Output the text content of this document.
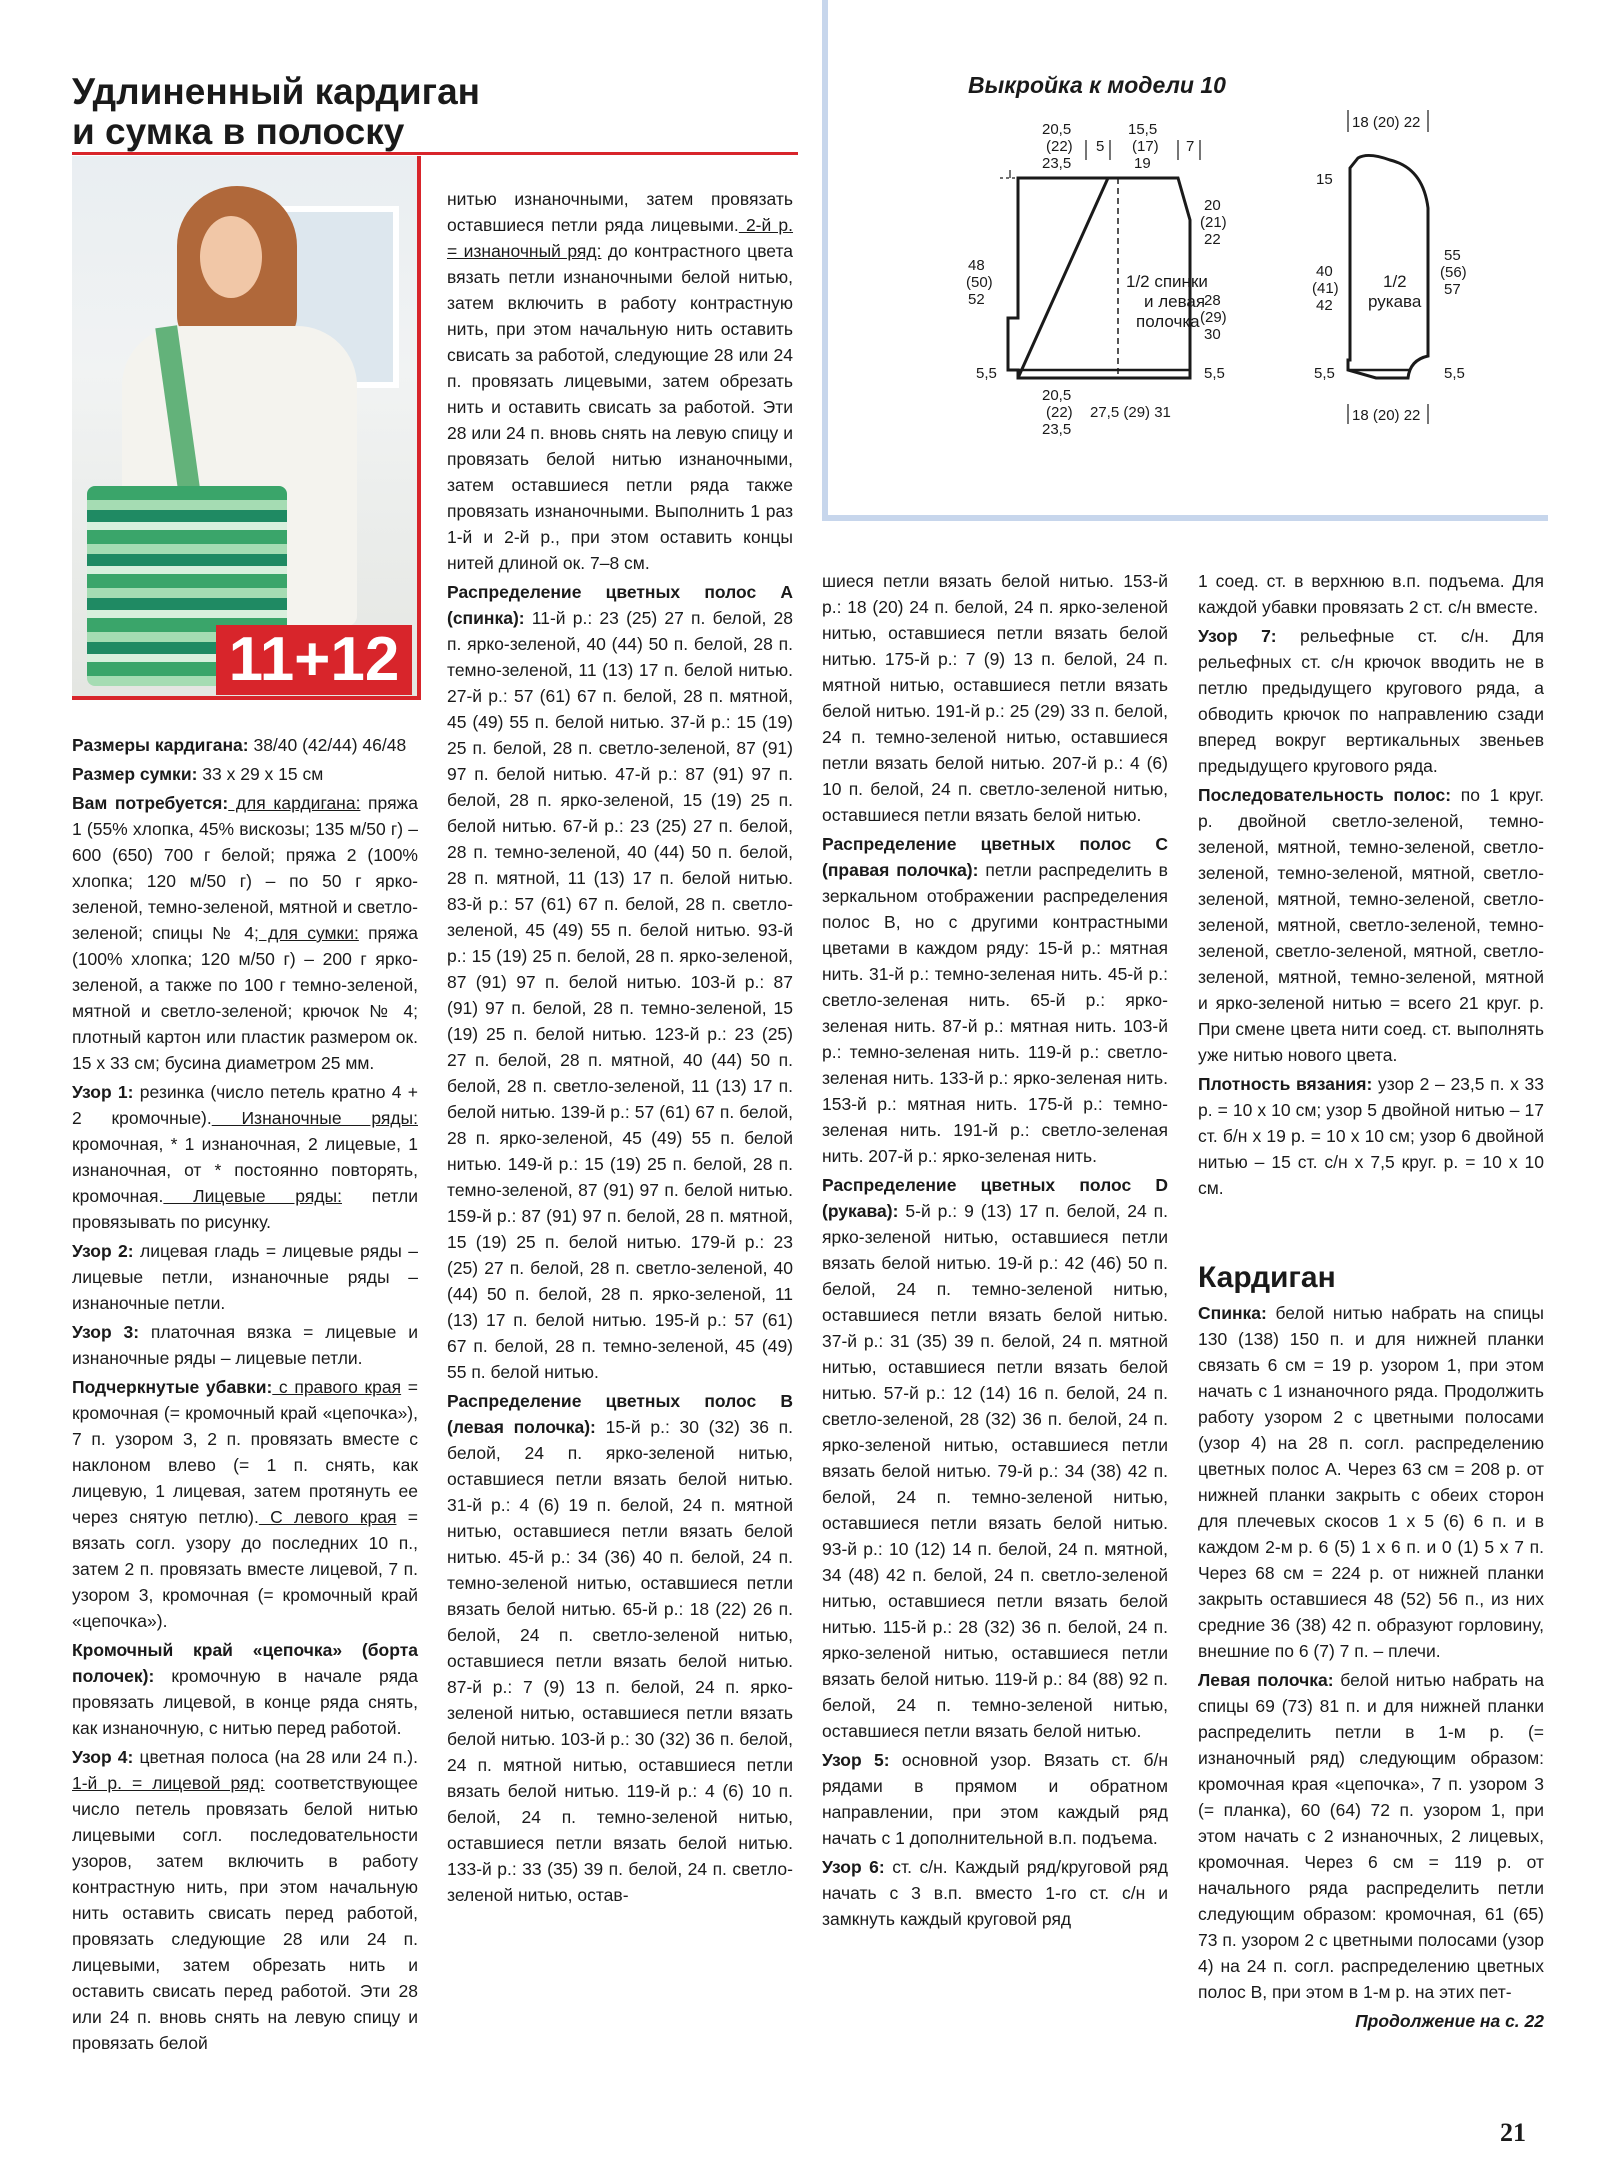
Удлиненный кардиган
и сумка в полоску
11+12
Выкройка к модели 10
1/2 спинки
и левая
полочка
20,5
(22)
23,5
5
15,5
(17)
19
7
48
(50)
52
20
(21)
22
28
(29)
30
5,5	5,5
20,5
(22)
23,5
27,5 (29) 31
1/2
рукава
18 (20) 22
15
40
(41)
42
55
(56)
57
5,5	5,5
18 (20) 22

Размеры кардигана: 38/40 (42/44) 46/48

Размер сумки: 33 х 29 х 15 см

Вам потребуется: для кардигана: пряжа 1 (55% хлопка, 45% вискозы; 135 м/50 г) – 600 (650) 700 г белой; пряжа 2 (100% хлопка; 120 м/50 г) – по 50 г ярко-зеленой, темно-зеленой, мятной и светло-зеленой; спицы № 4; для сумки: пряжа (100% хлопка; 120 м/50 г) – 200 г ярко-зеленой, а также по 100 г темно-зеленой, мятной и светло-зеленой; крючок № 4; плотный картон или пластик размером ок. 15 х 33 см; бусина диаметром 25 мм.

Узор 1: резинка (число петель кратно 4 + 2 кромочные). Изнаночные ряды: кромочная, * 1 изнаночная, 2 лицевые, 1 изнаночная, от * постоянно повторять, кромочная. Лицевые ряды: петли провязывать по рисунку.

Узор 2: лицевая гладь = лицевые ряды – лицевые петли, изнаночные ряды – изнаночные петли.

Узор 3: платочная вязка = лицевые и изнаночные ряды – лицевые петли.

Подчеркнутые убавки: с правого края = кромочная (= кромочный край «цепочка»), 7 п. узором 3, 2 п. провязать вместе с наклоном влево (= 1 п. снять, как лицевую, 1 лицевая, затем протянуть ее через снятую петлю). С левого края = вязать согл. узору до последних 10 п., затем 2 п. провязать вместе лицевой, 7 п. узором 3, кромочная (= кромочный край «цепочка»).

Кромочный край «цепочка» (борта полочек): кромочную в начале ряда провязать лицевой, в конце ряда снять, как изнаночную, с нитью перед работой.

Узор 4: цветная полоса (на 28 или 24 п.). 1-й р. = лицевой ряд: соответствующее число петель провязать белой нитью лицевыми согл. последовательности узоров, затем включить в работу контрастную нить, при этом начальную нить оставить свисать перед работой, провязать следующие 28 или 24 п. лицевыми, затем обрезать нить и оставить свисать перед работой. Эти 28 или 24 п. вновь снять на левую спицу и провязать белой

нитью изнаночными, затем провязать оставшиеся петли ряда лицевыми. 2-й р. = изнаночный ряд: до контрастного цвета вязать петли изнаночными белой нитью, затем включить в работу контрастную нить, при этом начальную нить оставить свисать за работой, следующие 28 или 24 п. провязать лицевыми, затем обрезать нить и оставить свисать за работой. Эти 28 или 24 п. вновь снять на левую спицу и провязать белой нитью изнаночными, затем оставшиеся петли ряда также провязать изнаночными. Выполнить 1 раз 1-й и 2-й р., при этом оставить концы нитей длиной ок. 7–8 см.

Распределение цветных полос А (спинка): 11-й р.: 23 (25) 27 п. белой, 28 п. ярко-зеленой, 40 (44) 50 п. белой, 28 п. темно-зеленой, 11 (13) 17 п. белой нитью. 27-й р.: 57 (61) 67 п. белой, 28 п. мятной, 45 (49) 55 п. белой нитью. 37-й р.: 15 (19) 25 п. белой, 28 п. светло-зеленой, 87 (91) 97 п. белой нитью. 47-й р.: 87 (91) 97 п. белой, 28 п. ярко-зеленой, 15 (19) 25 п. белой нитью. 67-й р.: 23 (25) 27 п. белой, 28 п. темно-зеленой, 40 (44) 50 п. белой, 28 п. мятной, 11 (13) 17 п. белой нитью. 83-й р.: 57 (61) 67 п. белой, 28 п. светло-зеленой, 45 (49) 55 п. белой нитью. 93-й р.: 15 (19) 25 п. белой, 28 п. ярко-зеленой, 87 (91) 97 п. белой нитью. 103-й р.: 87 (91) 97 п. белой, 28 п. темно-зеленой, 15 (19) 25 п. белой нитью. 123-й р.: 23 (25) 27 п. белой, 28 п. мятной, 40 (44) 50 п. белой, 28 п. светло-зеленой, 11 (13) 17 п. белой нитью. 139-й р.: 57 (61) 67 п. белой, 28 п. ярко-зеленой, 45 (49) 55 п. белой нитью. 149-й р.: 15 (19) 25 п. белой, 28 п. темно-зеленой, 87 (91) 97 п. белой нитью. 159-й р.: 87 (91) 97 п. белой, 28 п. мятной, 15 (19) 25 п. белой нитью. 179-й р.: 23 (25) 27 п. белой, 28 п. светло-зеленой, 40 (44) 50 п. белой, 28 п. ярко-зеленой, 11 (13) 17 п. белой нитью. 195-й р.: 57 (61) 67 п. белой, 28 п. темно-зеленой, 45 (49) 55 п. белой нитью.

Распределение цветных полос В (левая полочка): 15-й р.: 30 (32) 36 п. белой, 24 п. ярко-зеленой нитью, оставшиеся петли вязать белой нитью. 31-й р.: 4 (6) 19 п. белой, 24 п. мятной нитью, оставшиеся петли вязать белой нитью. 45-й р.: 34 (36) 40 п. белой, 24 п. темно-зеленой нитью, оставшиеся петли вязать белой нитью. 65-й р.: 18 (22) 26 п. белой, 24 п. светло-зеленой нитью, оставшиеся петли вязать белой нитью. 87-й р.: 7 (9) 13 п. белой, 24 п. ярко-зеленой нитью, оставшиеся петли вязать белой нитью. 103-й р.: 30 (32) 36 п. белой, 24 п. мятной нитью, оставшиеся петли вязать белой нитью. 119-й р.: 4 (6) 10 п. белой, 24 п. темно-зеленой нитью, оставшиеся петли вязать белой нитью. 133-й р.: 33 (35) 39 п. белой, 24 п. светло-зеленой нитью, остав-

шиеся петли вязать белой нитью. 153-й р.: 18 (20) 24 п. белой, 24 п. ярко-зеленой нитью, оставшиеся петли вязать белой нитью. 175-й р.: 7 (9) 13 п. белой, 24 п. мятной нитью, оставшиеся петли вязать белой нитью. 191-й р.: 25 (29) 33 п. белой, 24 п. темно-зеленой нитью, оставшиеся петли вязать белой нитью. 207-й р.: 4 (6) 10 п. белой, 24 п. светло-зеленой нитью, оставшиеся петли вязать белой нитью.

Распределение цветных полос С (правая полочка): петли распределить в зеркальном отображении распределения полос В, но с другими контрастными цветами в каждом ряду: 15-й р.: мятная нить. 31-й р.: темно-зеленая нить. 45-й р.: светло-зеленая нить. 65-й р.: ярко-зеленая нить. 87-й р.: мятная нить. 103-й р.: темно-зеленая нить. 119-й р.: светло-зеленая нить. 133-й р.: ярко-зеленая нить. 153-й р.: мятная нить. 175-й р.: темно-зеленая нить. 191-й р.: светло-зеленая нить. 207-й р.: ярко-зеленая нить.

Распределение цветных полос D (рукава): 5-й р.: 9 (13) 17 п. белой, 24 п. ярко-зеленой нитью, оставшиеся петли вязать белой нитью. 19-й р.: 42 (46) 50 п. белой, 24 п. темно-зеленой нитью, оставшиеся петли вязать белой нитью. 37-й р.: 31 (35) 39 п. белой, 24 п. мятной нитью, оставшиеся петли вязать белой нитью. 57-й р.: 12 (14) 16 п. белой, 24 п. светло-зеленой, 28 (32) 36 п. белой, 24 п. ярко-зеленой нитью, оставшиеся петли вязать белой нитью. 79-й р.: 34 (38) 42 п. белой, 24 п. темно-зеленой нитью, оставшиеся петли вязать белой нитью. 93-й р.: 10 (12) 14 п. белой, 24 п. мятной, 34 (48) 42 п. белой, 24 п. светло-зеленой нитью, оставшиеся петли вязать белой нитью. 115-й р.: 28 (32) 36 п. белой, 24 п. ярко-зеленой нитью, оставшиеся петли вязать белой нитью. 119-й р.: 84 (88) 92 п. белой, 24 п. темно-зеленой нитью, оставшиеся петли вязать белой нитью.

Узор 5: основной узор. Вязать ст. б/н рядами в прямом и обратном направлении, при этом каждый ряд начать с 1 дополнительной в.п. подъема.

Узор 6: ст. с/н. Каждый ряд/круговой ряд начать с 3 в.п. вместо 1-го ст. с/н и замкнуть каждый круговой ряд

1 соед. ст. в верхнюю в.п. подъема. Для каждой убавки провязать 2 ст. с/н вместе.

Узор 7: рельефные ст. с/н. Для рельефных ст. с/н крючок вводить не в петлю предыдущего кругового ряда, а обводить крючок по направлению сзади вперед вокруг вертикальных звеньев предыдущего кругового ряда.

Последовательность полос: по 1 круг. р. двойной светло-зеленой, темно-зеленой, мятной, темно-зеленой, светло-зеленой, темно-зеленой, мятной, светло-зеленой, мятной, темно-зеленой, светло-зеленой, мятной, светло-зеленой, темно-зеленой, светло-зеленой, мятной, светло-зеленой, мятной, темно-зеленой, мятной и ярко-зеленой нитью = всего 21 круг. р. При смене цвета нити соед. ст. выполнять уже нитью нового цвета.

Плотность вязания: узор 2 – 23,5 п. х 33 р. = 10 х 10 см; узор 5 двойной нитью – 17 ст. б/н х 19 р. = 10 х 10 см; узор 6 двойной нитью – 15 ст. с/н х 7,5 круг. р. = 10 х 10 см.

Кардиган

Спинка: белой нитью набрать на спицы 130 (138) 150 п. и для нижней планки связать 6 см = 19 р. узором 1, при этом начать с 1 изнаночного ряда. Продолжить работу узором 2 с цветными полосами (узор 4) на 28 п. согл. распределению цветных полос А. Через 63 см = 208 р. от нижней планки закрыть с обеих сторон для плечевых скосов 1 х 5 (6) 6 п. и в каждом 2-м р. 6 (5) 1 х 6 п. и 0 (1) 5 х 7 п. Через 68 см = 224 р. от нижней планки закрыть оставшиеся 48 (52) 56 п., из них средние 36 (38) 42 п. образуют горловину, внешние по 6 (7) 7 п. – плечи.

Левая полочка: белой нитью набрать на спицы 69 (73) 81 п. и для нижней планки распределить петли в 1-м р. (= изнаночный ряд) следующим образом: кромочная края «цепочка», 7 п. узором 3 (= планка), 60 (64) 72 п. узором 1, при этом начать с 2 изнаночных, 2 лицевых, кромочная. Через 6 см = 119 р. от начального ряда распределить петли следующим образом: кромочная, 61 (65) 73 п. узором 2 с цветными полосами (узор 4) на 24 п. согл. распределению цветных полос В, при этом в 1-м р. на этих пет-

Продолжение на с. 22

21
